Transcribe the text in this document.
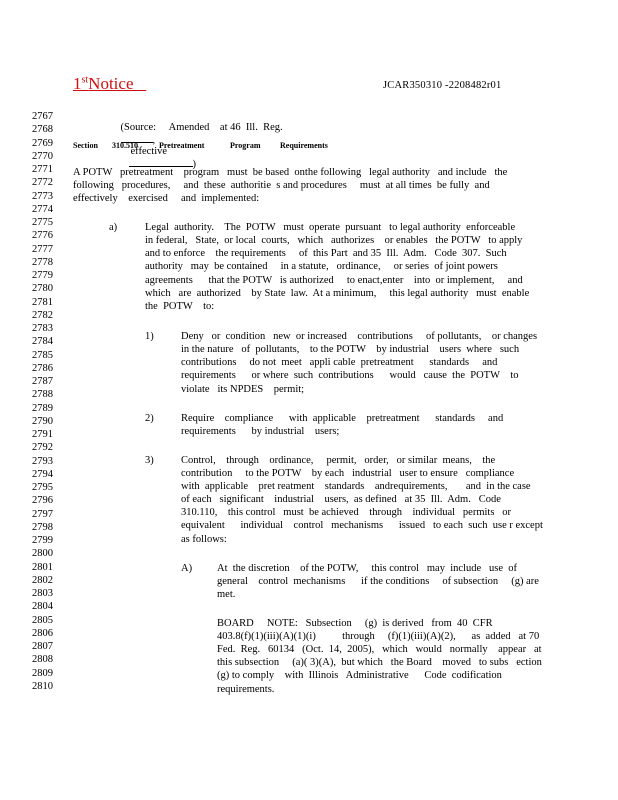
1stNotice	JCAR350310 -2208482r01
2767
2768
2769
2770
2771
2772
2773
2774
2775
2776
2777
2778
2779
2780
2781
2782
2783
2784
2785
2786
2787
2788
2789
2790
2791
2792
2793
2794
2795
2796
2797
2798
2799
2800
2801
2802
2803
2804
2805
2806
2807
2808
2809
2810

(Source:     Amended    at 46  Ill.  Reg.
,
effective
)

Section 310.510	Pretreatment	Program Requirements
A POTW   pretreatment    program   must  be based  onthe following   legal authority   and include   the
following   procedures,     and  these  authoritie  s and procedures     must  at all times  be fully  and
effectively    exercised     and  implemented:
a)	Legal  authority.    The  POTW   must  operate  pursuant   to legal authority  enforceable
in federal,   State,  or local  courts,   which   authorizes    or enables   the POTW   to apply
and to enforce    the requirements     of  this Part  and 35  Ill.  Adm.   Code  307.  Such
authority   may  be contained     in a statute,   ordinance,     or series  of joint powers
agreements      that the POTW   is authorized     to enact,enter    into  or implement,     and
which   are  authorized    by State  law.  At a minimum,     this legal authority   must  enable
the  POTW    to:
1)	Deny   or  condition   new  or increased    contributions     of pollutants,    or changes
in the nature   of  pollutants,    to the POTW    by industrial    users  where   such
contributions     do not  meet   appli cable  pretreatment      standards     and
requirements      or where  such  contributions      would   cause  the  POTW    to
violate   its NPDES    permit;
2)	Require    compliance      with  applicable    pretreatment      standards     and
requirements      by industrial    users;
3)	Control,    through    ordinance,     permit,   order,   or similar  means,    the
contribution     to the POTW    by each   industrial   user to ensure   compliance
with  applicable    pret reatment    standards    andrequirements,       and  in the case
of each   significant    industrial    users,  as defined   at 35  Ill.  Adm.   Code
310.110,    this control   must  be achieved    through    individual   permits   or
equivalent      individual    control   mechanisms      issued   to each  such  use r except
as follows:
A) At  the discretion    of the POTW,     this control   may  include   use  of
general    control  mechanisms      if the conditions     of subsection     (g) are
met.
BOARD     NOTE:   Subsection     (g)  is derived   from  40  CFR
403.8(f)(1)(iii)(A)(1)(i)          through     (f)(1)(iii)(A)(2),      as  added   at 70
Fed.  Reg.   60134   (Oct.  14,  2005),   which   would   normally    appear   at
this subsection     (a)( 3)(A),  but which   the Board    moved   to subs   ection
(g) to comply    with  Illinois   Administrative      Code  codification
requirements.
